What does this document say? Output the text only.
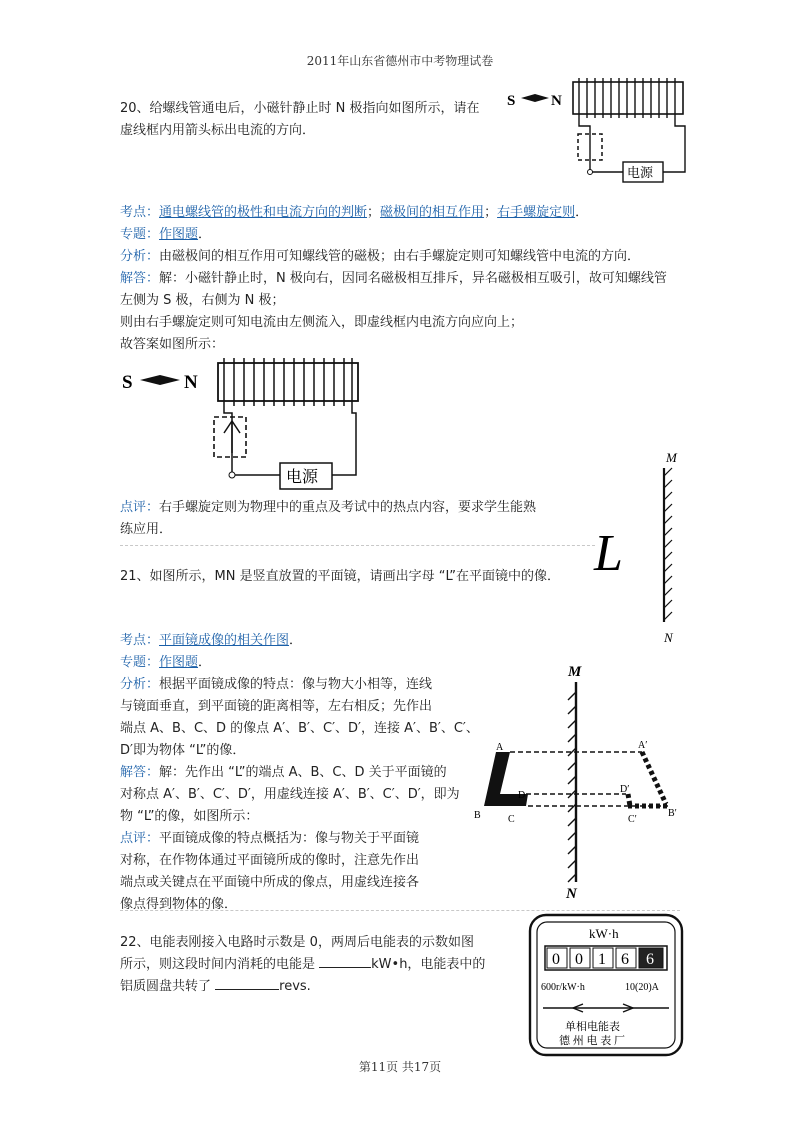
2011年山东省德州市中考物理试卷
20、给螺线管通电后，小磁针静止时 N 极指向如图所示，请在
虚线框内用箭头标出电流的方向．
S N
电源
考点：通电螺线管的极性和电流方向的判断；磁极间的相互作用；右手螺旋定则．
专题：作图题．
分析：由磁极间的相互作用可知螺线管的磁极；由右手螺旋定则可知螺线管中电流的方向．
解答：解：小磁针静止时，N 极向右，因同名磁极相互排斥，异名磁极相互吸引，故可知螺线管
左侧为 S 极，右侧为 N 极；
则由右手螺旋定则可知电流由左侧流入，即虚线框内电流方向应向上；
故答案如图所示：
S	N
电源
点评：右手螺旋定则为物理中的重点及考试中的热点内容，要求学生能熟
练应用．
21、如图所示，MN 是竖直放置的平面镜，请画出字母 “L”在平面镜中的像．
M
L
N
考点：平面镜成像的相关作图．
专题：作图题．
分析：根据平面镜成像的特点：像与物大小相等，连线
与镜面垂直，到平面镜的距离相等，左右相反；先作出
端点 A、B、C、D 的像点 A′、B′、C′、D′，连接 A′、B′、C′、
D′即为物体 “L”的像．
解答：解：先作出 “L”的端点 A、B、C、D 关于平面镜的
对称点 A′、B′、C′、D′，用虚线连接 A′、B′、C′、D′，即为
物 “L”的像，如图所示：
点评：平面镜成像的特点概括为：像与物关于平面镜
对称，在作物体通过平面镜所成的像时，注意先作出
端点或关键点在平面镜中所成的像点，用虚线连接各
像点得到物体的像．
M
A
B	C
D
A′
B′
C′
D′
N
22、电能表刚接入电路时示数是 0，两周后电能表的示数如图
所示，则这段时间内消耗的电能是	kW•h，电能表中的
铝质圆盘共转了	revs.
kW·h
0 0 1 6 6
600r/kW·h	10(20)A
单相电能表
德 州 电 表 厂
第11页 共17页
